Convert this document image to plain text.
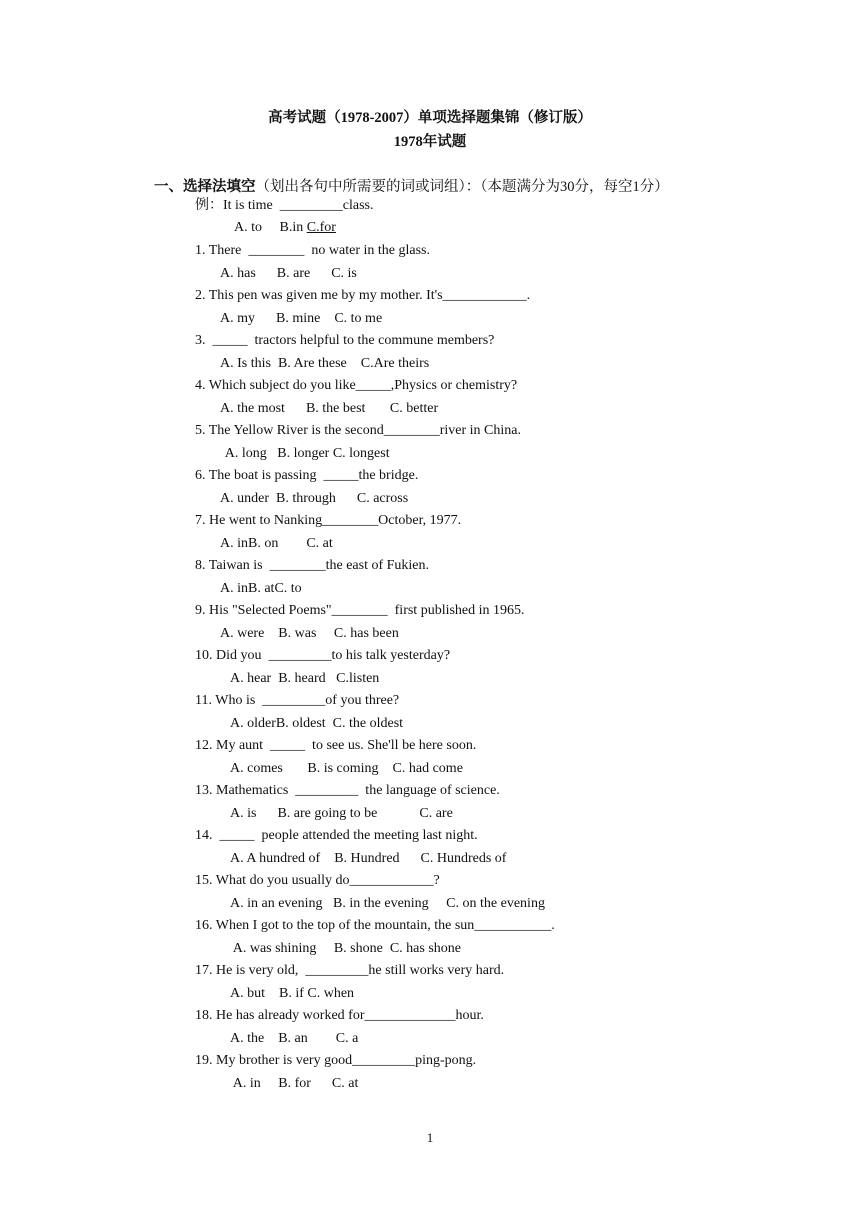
高考试题（1978-2007）单项选择题集锦（修订版）
1978年试题
一、选择法填空（划出各句中所需要的词或词组）：（本题满分为30分，每空1分）
例：It is time  _________class.
A. to     B.in C.for
1. There  ________  no water in the glass.
A. has      B. are      C. is
2. This pen was given me by my mother. It's____________.
A. my      B. mine    C. to me
3.  _____  tractors helpful to the commune members?
A. Is this  B. Are these    C.Are theirs
4. Which subject do you like_____,Physics or chemistry?
A. the most      B. the best       C. better
5. The Yellow River is the second________river in China.
A. long   B. longer C. longest
6. The boat is passing  _____the bridge.
A. under  B. through      C. across
7. He went to Nanking________October, 1977.
A. inB. on        C. at
8. Taiwan is  ________the east of Fukien.
A. inB. atC. to
9. His "Selected Poems"________  first published in 1965.
A. were    B. was     C. has been
10. Did you  _________to his talk yesterday?
A. hear  B. heard   C.listen
11. Who is  _________of you three?
A. olderB. oldest  C. the oldest
12. My aunt  _____  to see us. She'll be here soon.
A. comes       B. is coming    C. had come
13. Mathematics  _________  the language of science.
A. is      B. are going to be            C. are
14.  _____  people attended the meeting last night.
A. A hundred of    B. Hundred      C. Hundreds of
15. What do you usually do____________?
A. in an evening   B. in the evening     C. on the evening
16. When I got to the top of the mountain, the sun___________.
A. was shining     B. shone  C. has shone
17. He is very old,  _________he still works very hard.
A. but    B. if C. when
18. He has already worked for_____________hour.
A. the    B. an        C. a
19. My brother is very good_________ping-pong.
A. in     B. for      C. at
1
